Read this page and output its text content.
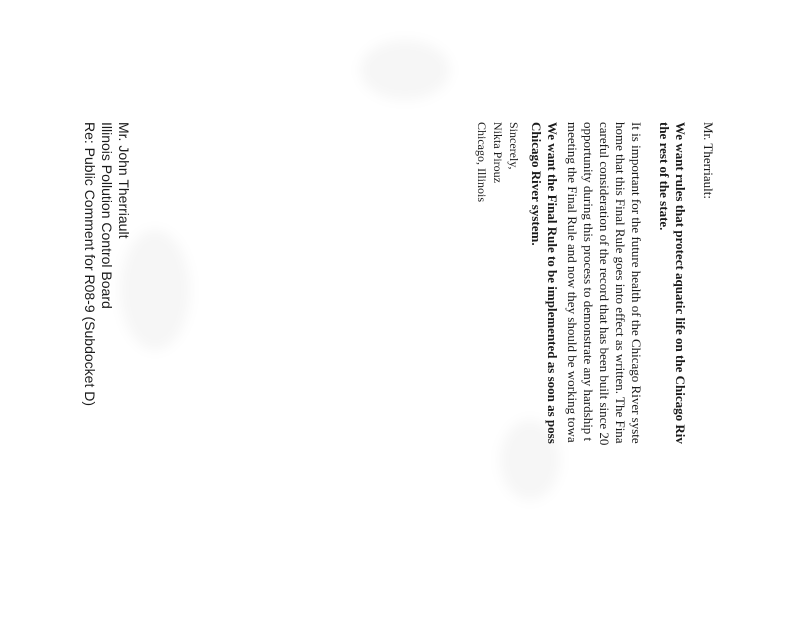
Mr. Therriault:
We want rules that protect aquatic life on the Chicago Riv
the rest of the state.
It is important for the future health of the Chicago River syste
home that this Final Rule goes into effect as written. The Fina
careful consideration of the record that has been built since 20
opportunity during this process to demonstrate any hardship t
meeting the Final Rule and now they should be working towa
We want the Final Rule to be implemented as soon as poss
Chicago River system.
Sincerely,
Nikta Pirouz
Chicago, Illinois
Mr. John Therriault
Illinois Pollution Control Board
Re: Public Comment for R08-9 (Subdocket D)
